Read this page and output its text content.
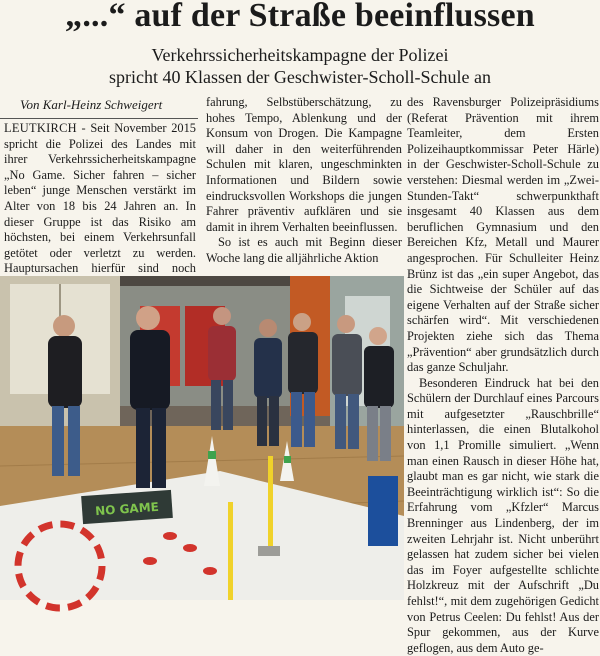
„...“ auf der Straße beeinflussen
Verkehrssicherheitskampagne der Polizei
spricht 40 Klassen der Geschwister-Scholl-Schule an
Von Karl-Heinz Schweigert

LEUTKIRCH - Seit November 2015 spricht die Polizei des Landes mit ihrer Verkehrssicherheitskampagne „No Game. Sicher fahren – sicher leben“ junge Menschen verstärkt im Alter von 18 bis 24 Jahren an. In dieser Gruppe ist das Risiko am höchsten, bei einem Verkehrsunfall getötet oder verletzt zu werden. Hauptursachen hierfür sind noch

fahrung, Selbstüberschätzung, zu hohes Tempo, Ablenkung und der Konsum von Drogen. Die Kampagne will daher in den weiterführenden Schulen mit klaren, ungeschminkten Informationen und Bildern sowie eindrucksvollen Workshops die jungen Fahrer präventiv aufklären und sie damit in ihrem Verhalten beeinflussen.

So ist es auch mit Beginn dieser Woche lang die alljährliche Aktion

des Ravensburger Polizeipräsidiums (Referat Prävention mit ihrem Teamleiter, dem Ersten Polizeihauptkommissar Peter Härle) in der Geschwister-Scholl-Schule zu verstehen: Diesmal werden im „Zwei-Stunden-Takt“ schwerpunkthaft insgesamt 40 Klassen aus dem beruflichen Gymnasium und den Bereichen Kfz, Metall und Maurer angesprochen. Für Schulleiter Heinz Brünz ist das „ein super Angebot, das die Sichtweise der Schüler auf das eigene Verhalten auf der Straße sicher schärfen wird“. Mit verschiedenen Projekten ziehe sich das Thema „Prävention“ aber grundsätzlich durch das ganze Schuljahr.

Besonderen Eindruck hat bei den Schülern der Durchlauf eines Parcours mit aufgesetzter „Rauschbrille“ hinterlassen, die einen Blutalkohol von 1,1 Promille simuliert. „Wenn man einen Rausch in dieser Höhe hat, glaubt man es gar nicht, wie stark die Beeinträchtigung wirklich ist“: So die Erfahrung vom „Kfzler“ Marcus Brenninger aus Lindenberg, der im zweiten Lehrjahr ist. Nicht unberührt gelassen hat zudem sicher bei vielen das im Foyer aufgestellte schlichte Holzkreuz mit der Aufschrift „Du fehlst!“, mit dem zugehörigen Gedicht von Petrus Ceelen: Du fehlst! Aus der Spur gekommen, aus der Kurve geflogen, aus dem Auto ge-

NO GAME
